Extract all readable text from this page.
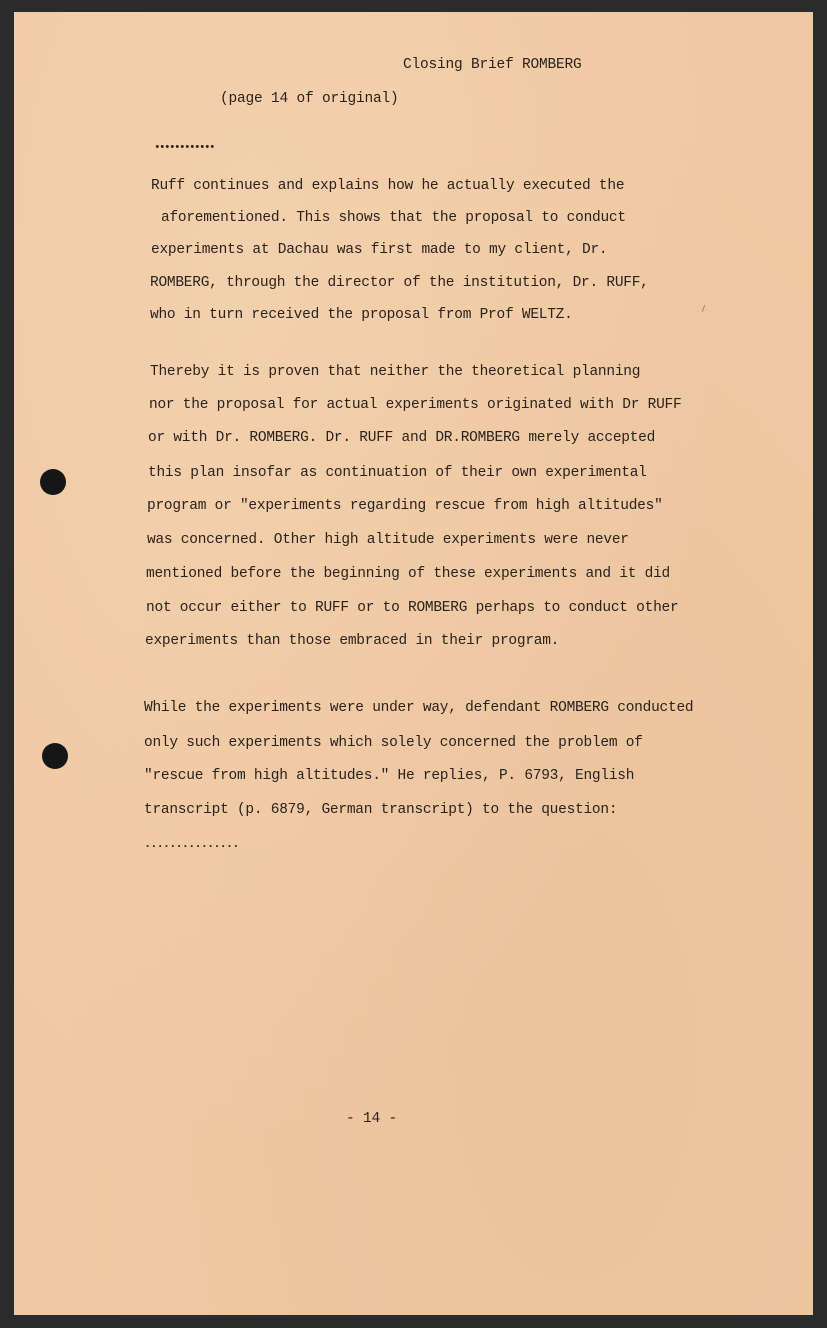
Closing Brief ROMBERG

(page 14 of original)

••••••••••••

Ruff continues and explains how he actually executed the

aforementioned. This shows that the proposal to conduct

experiments at Dachau was first made to my client, Dr.

ROMBERG, through the director of the institution, Dr. RUFF,

who in turn received the proposal from Prof WELTZ.

Thereby it is proven that neither the theoretical planning

nor the proposal for actual experiments originated with Dr RUFF

or with Dr. ROMBERG. Dr. RUFF and DR.ROMBERG merely accepted

this plan insofar as continuation of their own experimental

program or "experiments regarding rescue from high altitudes"

was concerned. Other high altitude experiments were never

mentioned before the beginning of these experiments and it did

not occur either to RUFF or to ROMBERG perhaps to conduct other

experiments than those embraced in their program.

While the experiments were under way, defendant ROMBERG conducted

only such experiments which solely concerned the problem of

"rescue from high altitudes." He replies, P. 6793, English

transcript (p. 6879, German transcript) to the question:

...............

- 14 -
